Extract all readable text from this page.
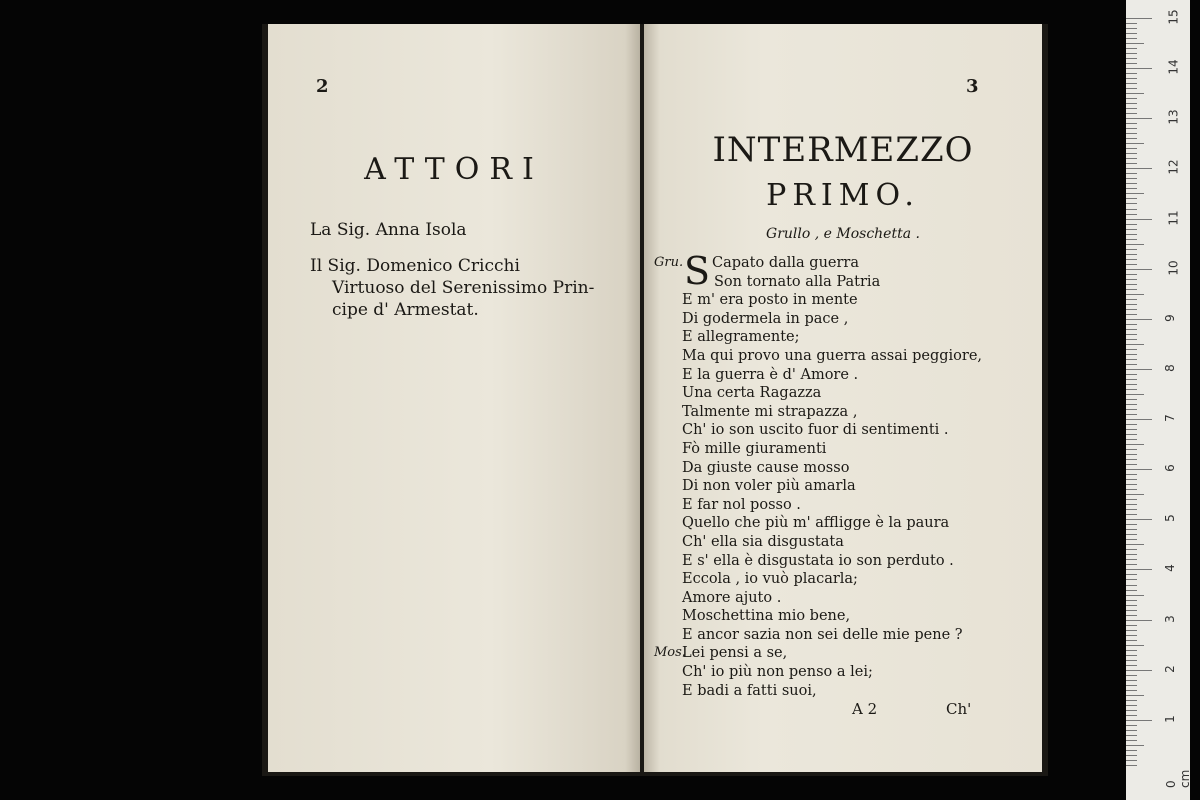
2
ATTORI
La Sig. Anna Isola
Il Sig. Domenico Cricchi
Virtuoso del Serenissimo Prin-
cipe d' Armestat.
3
INTERMEZZO
PRIMO.
Grullo , e Moschetta .
S
Gru. Capato dalla guerra
Son tornato alla Patria
E m' era posto in mente
Di godermela in pace ,
E allegramente;
Ma qui provo una guerra assai peggiore,
E la guerra è d' Amore .
Una certa Ragazza
Talmente mi strapazza ,
Ch' io son uscito fuor di sentimenti .
Fò mille giuramenti
Da giuste cause mosso
Di non voler più amarla
E far nol posso .
Quello che più m' affligge è la paura
Ch' ella sia disgustata
E s' ella è disgustata io son perduto .
Eccola , io vuò placarla;
Amore ajuto .
Moschettina mio bene,
E ancor sazia non sei delle mie pene ?
Mos.
Lei pensi a se,
Ch' io più non penso a lei;
E badi a fatti suoi,
A 2	Ch'
15
14
13
12
11
10
9
8
7
6
5
4
3
2
1
0 cm
